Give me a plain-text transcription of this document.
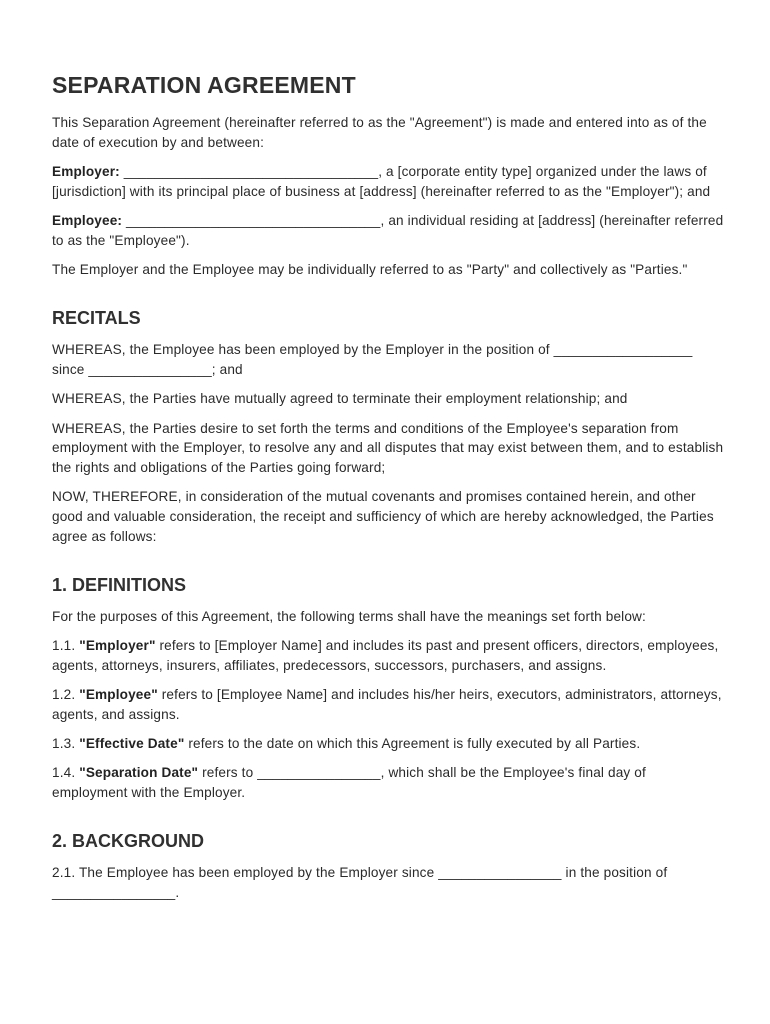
SEPARATION AGREEMENT

This Separation Agreement (hereinafter referred to as the "Agreement") is made and entered into as of the date of execution by and between:

Employer: _________________________________, a [corporate entity type] organized under the laws of [jurisdiction] with its principal place of business at [address] (hereinafter referred to as the "Employer"); and

Employee: _________________________________, an individual residing at [address] (hereinafter referred to as the "Employee").

The Employer and the Employee may be individually referred to as "Party" and collectively as "Parties."

RECITALS

WHEREAS, the Employee has been employed by the Employer in the position of __________________ since ________________; and

WHEREAS, the Parties have mutually agreed to terminate their employment relationship; and

WHEREAS, the Parties desire to set forth the terms and conditions of the Employee's separation from employment with the Employer, to resolve any and all disputes that may exist between them, and to establish the rights and obligations of the Parties going forward;

NOW, THEREFORE, in consideration of the mutual covenants and promises contained herein, and other good and valuable consideration, the receipt and sufficiency of which are hereby acknowledged, the Parties agree as follows:

1. DEFINITIONS

For the purposes of this Agreement, the following terms shall have the meanings set forth below:

1.1. "Employer" refers to [Employer Name] and includes its past and present officers, directors, employees, agents, attorneys, insurers, affiliates, predecessors, successors, purchasers, and assigns.

1.2. "Employee" refers to [Employee Name] and includes his/her heirs, executors, administrators, attorneys, agents, and assigns.

1.3. "Effective Date" refers to the date on which this Agreement is fully executed by all Parties.

1.4. "Separation Date" refers to ________________, which shall be the Employee's final day of employment with the Employer.

2. BACKGROUND

2.1. The Employee has been employed by the Employer since ________________ in the position of ________________.
